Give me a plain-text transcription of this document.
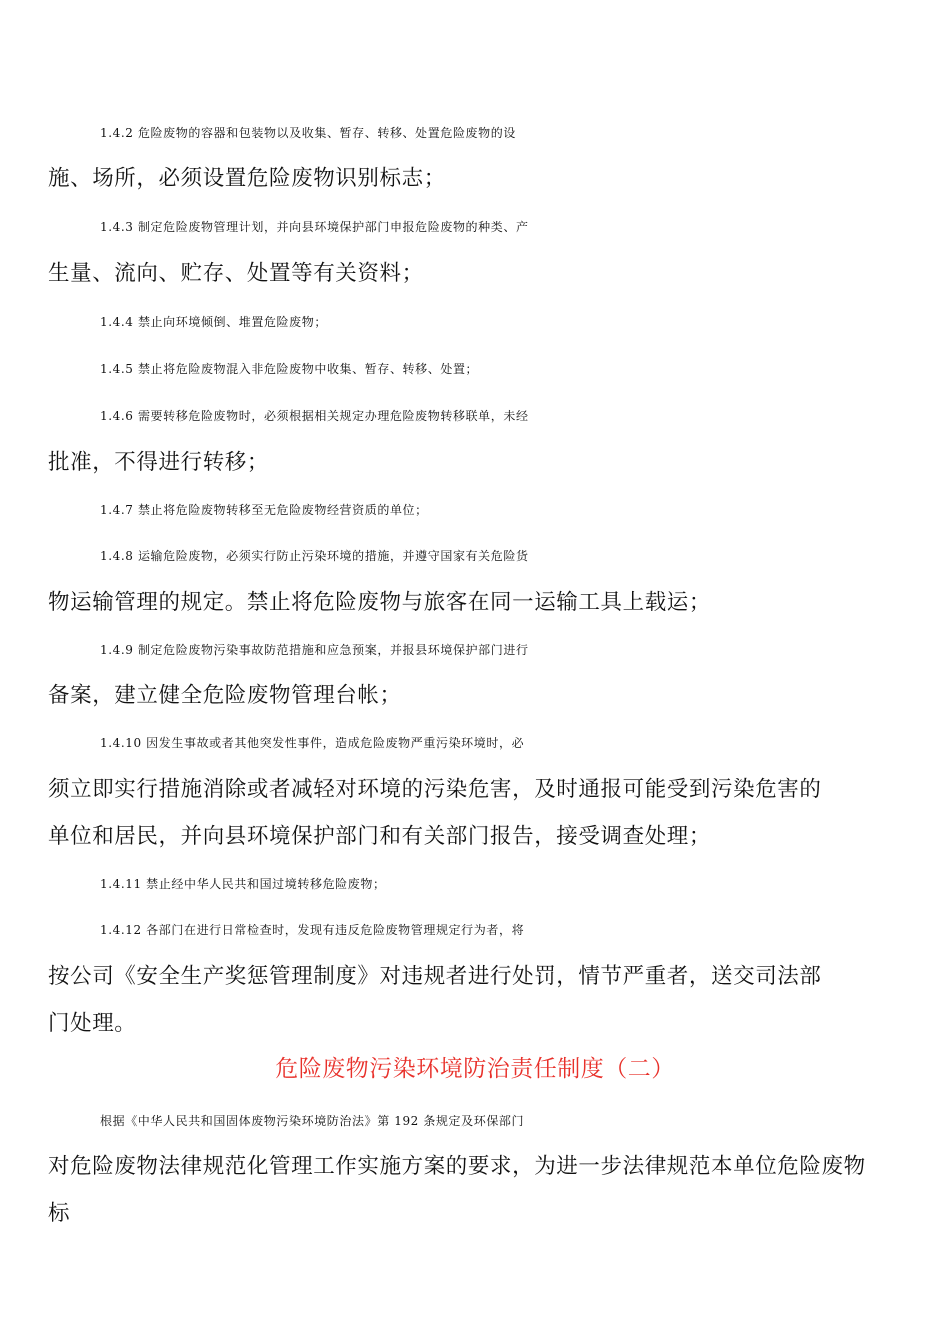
1.4.2 危险废物的容器和包装物以及收集、暂存、转移、处置危险废物的设
施、场所，必须设置危险废物识别标志；
1.4.3 制定危险废物管理计划，并向县环境保护部门申报危险废物的种类、产
生量、流向、贮存、处置等有关资料；
1.4.4 禁止向环境倾倒、堆置危险废物；
1.4.5 禁止将危险废物混入非危险废物中收集、暂存、转移、处置；
1.4.6 需要转移危险废物时，必须根据相关规定办理危险废物转移联单，未经
批准，不得进行转移；
1.4.7 禁止将危险废物转移至无危险废物经营资质的单位；
1.4.8 运输危险废物，必须实行防止污染环境的措施，并遵守国家有关危险货
物运输管理的规定。禁止将危险废物与旅客在同一运输工具上载运；
1.4.9 制定危险废物污染事故防范措施和应急预案，并报县环境保护部门进行
备案，建立健全危险废物管理台帐；
1.4.10 因发生事故或者其他突发性事件，造成危险废物严重污染环境时，必
须立即实行措施消除或者减轻对环境的污染危害，及时通报可能受到污染危害的
单位和居民，并向县环境保护部门和有关部门报告，接受调查处理；
1.4.11 禁止经中华人民共和国过境转移危险废物；
1.4.12 各部门在进行日常检查时，发现有违反危险废物管理规定行为者，将
按公司《安全生产奖惩管理制度》对违规者进行处罚，情节严重者，送交司法部
门处理。
危险废物污染环境防治责任制度（二）
根据《中华人民共和国固体废物污染环境防治法》第 192 条规定及环保部门
对危险废物法律规范化管理工作实施方案的要求，为进一步法律规范本单位危险废物
标
